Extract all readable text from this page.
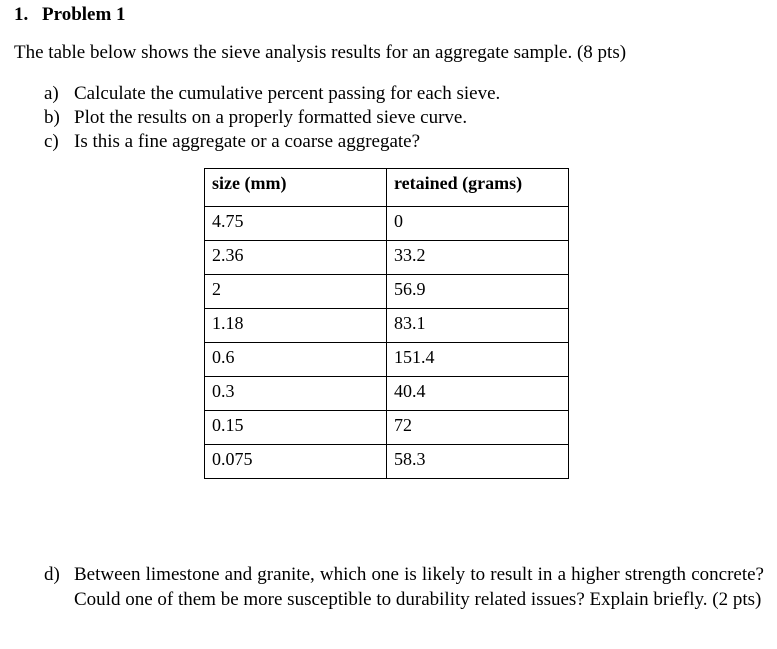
1. Problem 1
The table below shows the sieve analysis results for an aggregate sample. (8 pts)
a) Calculate the cumulative percent passing for each sieve.
b) Plot the results on a properly formatted sieve curve.
c) Is this a fine aggregate or a coarse aggregate?
size (mm)	retained (grams)
4.75	0
2.36	33.2
2	56.9
1.18	83.1
0.6	151.4
0.3	40.4
0.15	72
0.075	58.3
d) Between limestone and granite, which one is likely to result in a higher strength concrete? Could one of them be more susceptible to durability related issues? Explain briefly. (2 pts)
